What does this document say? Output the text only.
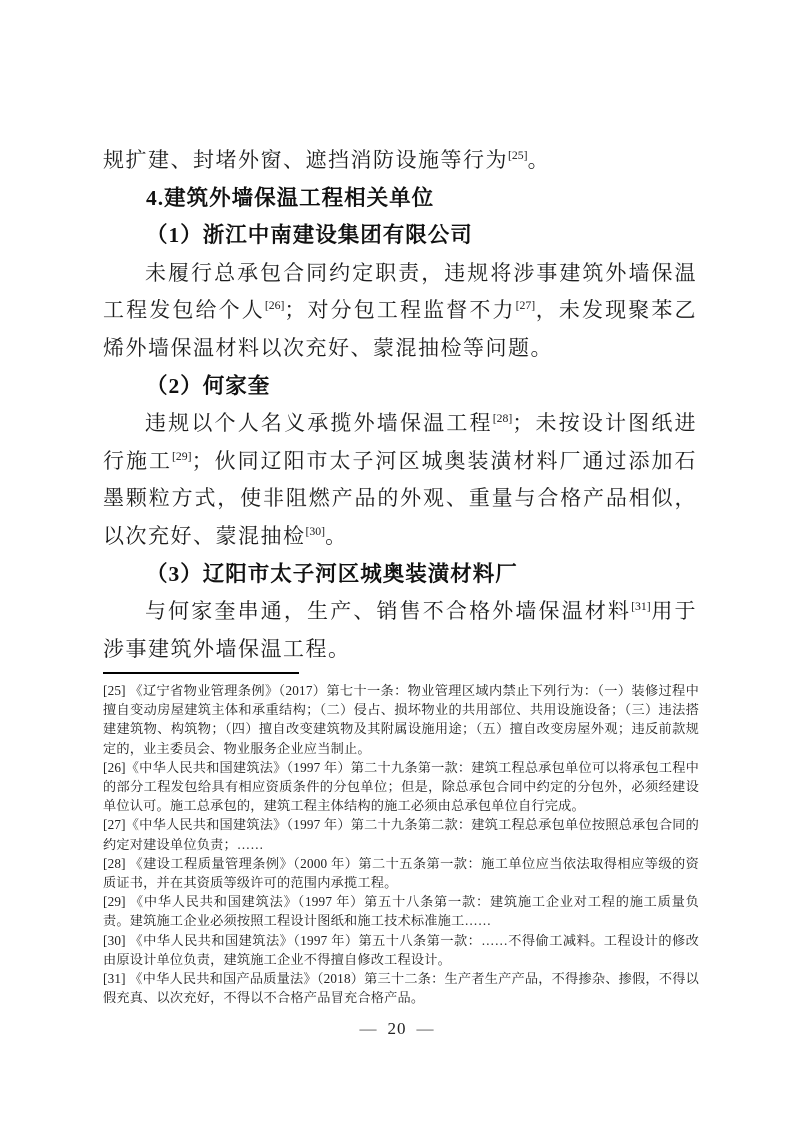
规扩建、封堵外窗、遮挡消防设施等行为[25]。

4.建筑外墙保温工程相关单位
（1）浙江中南建设集团有限公司

未履行总承包合同约定职责，违规将涉事建筑外墙保温工程发包给个人[26]；对分包工程监督不力[27]，未发现聚苯乙烯外墙保温材料以次充好、蒙混抽检等问题。

（2）何家奎

违规以个人名义承揽外墙保温工程[28]；未按设计图纸进行施工[29]；伙同辽阳市太子河区城奥装潢材料厂通过添加石墨颗粒方式，使非阻燃产品的外观、重量与合格产品相似，以次充好、蒙混抽检[30]。

（3）辽阳市太子河区城奥装潢材料厂

与何家奎串通，生产、销售不合格外墙保温材料[31]用于涉事建筑外墙保温工程。

[25] 《辽宁省物业管理条例》（2017）第七十一条：物业管理区域内禁止下列行为：（一）装修过程中擅自变动房屋建筑主体和承重结构；（二）侵占、损坏物业的共用部位、共用设施设备；（三）违法搭建建筑物、构筑物；（四）擅自改变建筑物及其附属设施用途；（五）擅自改变房屋外观；违反前款规定的，业主委员会、物业服务企业应当制止。

[26]《中华人民共和国建筑法》（1997 年）第二十九条第一款：建筑工程总承包单位可以将承包工程中的部分工程发包给具有相应资质条件的分包单位；但是，除总承包合同中约定的分包外，必须经建设单位认可。施工总承包的，建筑工程主体结构的施工必须由总承包单位自行完成。

[27]《中华人民共和国建筑法》（1997 年）第二十九条第二款：建筑工程总承包单位按照总承包合同的约定对建设单位负责；……

[28] 《建设工程质量管理条例》（2000 年）第二十五条第一款：施工单位应当依法取得相应等级的资质证书，并在其资质等级许可的范围内承揽工程。

[29] 《中华人民共和国建筑法》（1997 年）第五十八条第一款：建筑施工企业对工程的施工质量负责。建筑施工企业必须按照工程设计图纸和施工技术标准施工……

[30] 《中华人民共和国建筑法》（1997 年）第五十八条第一款：……不得偷工减料。工程设计的修改由原设计单位负责，建筑施工企业不得擅自修改工程设计。

[31] 《中华人民共和国产品质量法》（2018）第三十二条：生产者生产产品，不得掺杂、掺假，不得以假充真、以次充好，不得以不合格产品冒充合格产品。

— 20 —
